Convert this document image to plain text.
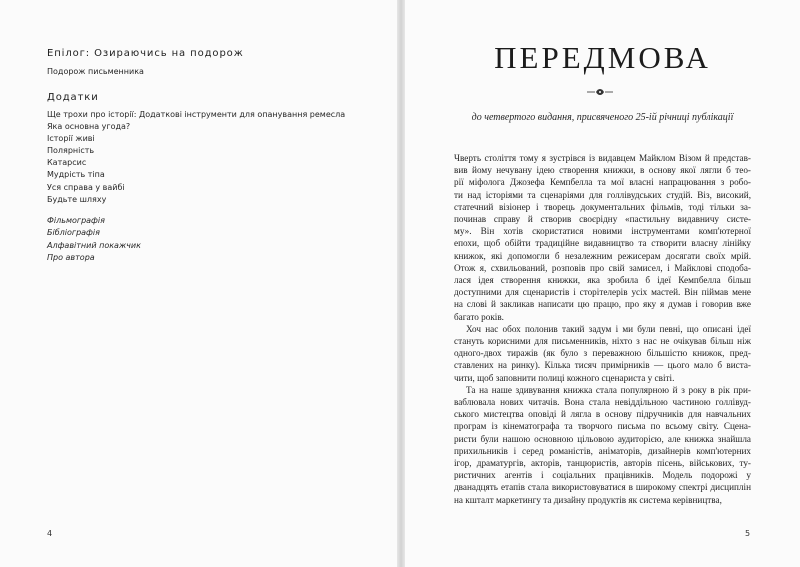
Епілог: Озираючись на подорож
Подорож письменника
Додатки
Ще трохи про історії: Додаткові інструменти для опанування ремесла
Яка основна угода?
Історії живі
Полярність
Катарсис
Мудрість тіпа
Уся справа у вайбі
Будьте шляху
Фільмографія
Бібліографія
Алфавітний покажчик
Про автора
4
ПЕРЕДМОВА
до четвертого видання, присвяченого 25-ій річниці публікації

Чверть століття тому я зустрівся із видавцем Майклом Візом й представ-
вив йому нечувану ідею створення книжки, в основу якої лягли б тео-
рії міфолога Джозефа Кемпбелла та мої власні напрацювання з робо-
ти над історіями та сценаріями для голлівудських студій. Віз, високий,
статечний візіонер і творець документальних фільмів, тоді тільки за-
починав справу й створив своєрідну «пастильну видавничу систе-
му». Він хотів скористатися новими інструментами комп'ютерної
епохи, щоб обійти традиційне видавництво та створити власну лінійку
книжок, які допомогли б незалежним режисерам досягати своїх мрій.
Отож я, схвильований, розповів про свій замисел, і Майклові сподоба-
лася ідея створення книжки, яка зробила б ідеї Кемпбелла більш
доступними для сценаристів і сторітелерів усіх мастей. Він піймав мене
на слові й закликав написати цю працю, про яку я думав і говорив вже
багато років.

Хоч нас обох полонив такий задум і ми були певні, що описані ідеї
стануть корисними для письменників, ніхто з нас не очікував більш ніж
одного-двох тиражів (як було з переважною більшістю книжок, пред-
ставлених на ринку). Кілька тисяч примірників — цього мало б виста-
чити, щоб заповнити полиці кожного сценариста у світі.

Та на наше здивування книжка стала популярною й з року в рік при-
ваблювала нових читачів. Вона стала невіддільною частиною голлівуд-
ського мистецтва оповіді й лягла в основу підручників для навчальних
програм із кінематографа та творчого письма по всьому світу. Сцена-
ристи були нашою основною цільовою аудиторією, але книжка знайшла
прихильників і серед романістів, аніматорів, дизайнерів комп'ютерних
ігор, драматургів, акторів, танцюристів, авторів пісень, військових, ту-
ристичних агентів і соціальних працівників. Модель подорожі у
дванадцять етапів стала використовуватися в широкому спектрі дисциплін
на кшталт маркетингу та дизайну продуктів як система керівництва,

5
